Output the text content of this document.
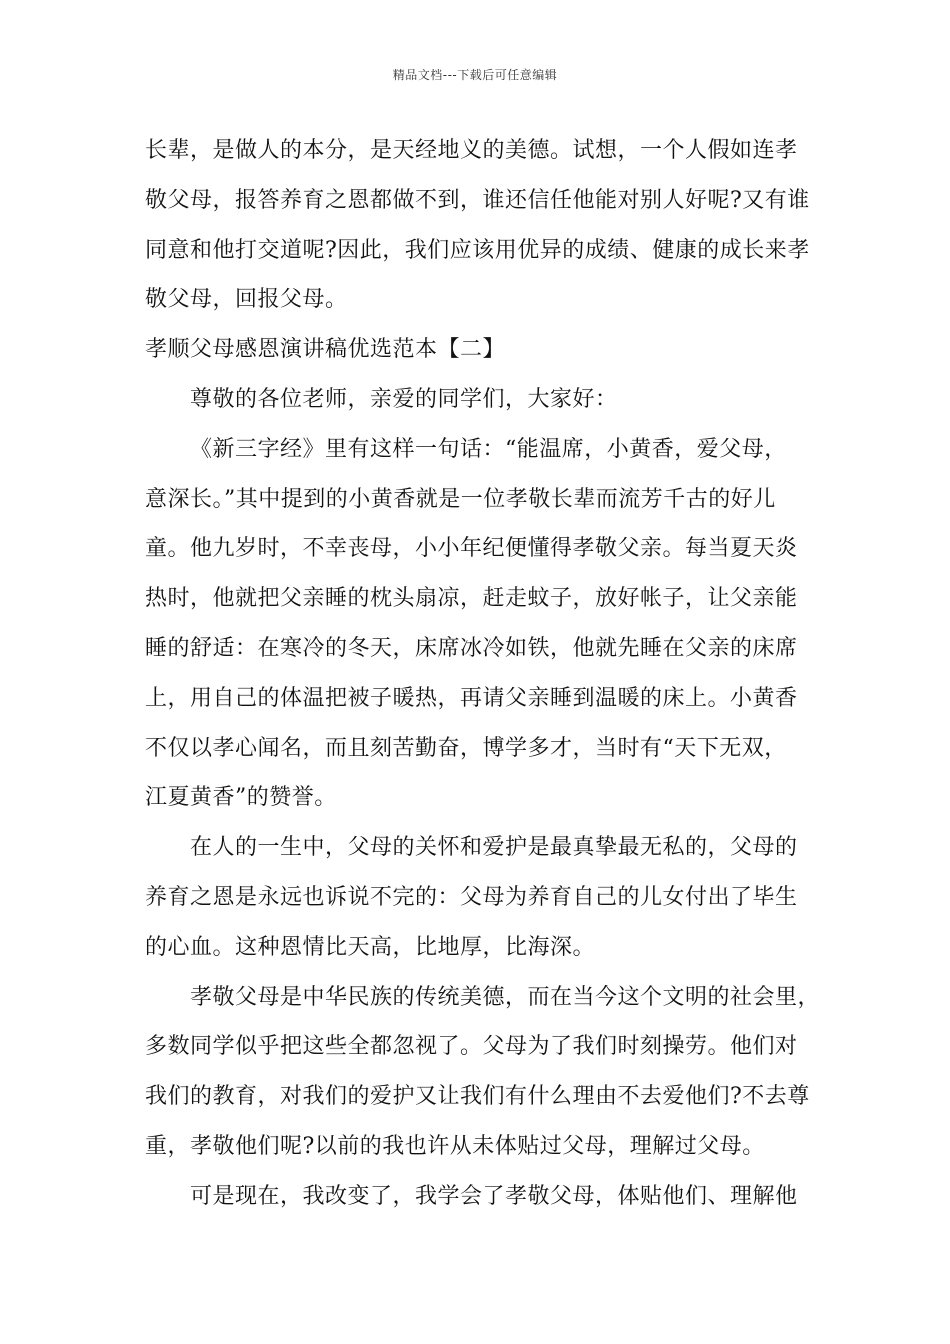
精品文档---下载后可任意编辑
长辈，是做人的本分，是天经地义的美德。试想，一个人假如连孝
敬父母，报答养育之恩都做不到，谁还信任他能对别人好呢?又有谁
同意和他打交道呢?因此，我们应该用优异的成绩、健康的成长来孝
敬父母，回报父母。
孝顺父母感恩演讲稿优选范本【二】
尊敬的各位老师，亲爱的同学们，大家好：
《新三字经》里有这样一句话：“能温席，小黄香，爱父母，
意深长。”其中提到的小黄香就是一位孝敬长辈而流芳千古的好儿
童。他九岁时，不幸丧母，小小年纪便懂得孝敬父亲。每当夏天炎
热时，他就把父亲睡的枕头扇凉，赶走蚊子，放好帐子，让父亲能
睡的舒适：在寒冷的冬天，床席冰冷如铁，他就先睡在父亲的床席
上，用自己的体温把被子暖热，再请父亲睡到温暖的床上。小黄香
不仅以孝心闻名，而且刻苦勤奋，博学多才，当时有“天下无双，
江夏黄香”的赞誉。
在人的一生中，父母的关怀和爱护是最真挚最无私的，父母的
养育之恩是永远也诉说不完的：父母为养育自己的儿女付出了毕生
的心血。这种恩情比天高，比地厚，比海深。
孝敬父母是中华民族的传统美德，而在当今这个文明的社会里，
多数同学似乎把这些全都忽视了。父母为了我们时刻操劳。他们对
我们的教育，对我们的爱护又让我们有什么理由不去爱他们?不去尊
重，孝敬他们呢?以前的我也许从未体贴过父母，理解过父母。
可是现在，我改变了，我学会了孝敬父母，体贴他们、理解他
